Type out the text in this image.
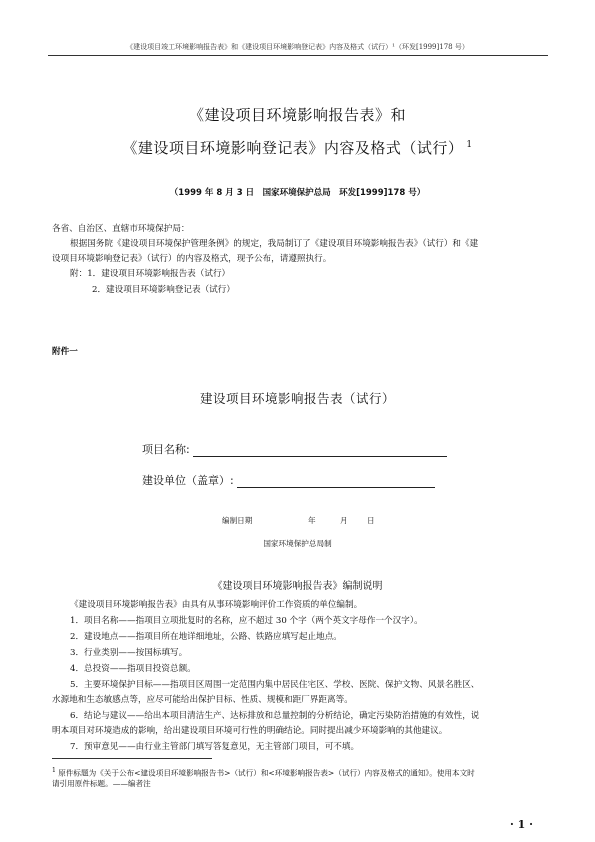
《建设项目竣工环境影响报告表》和《建设项目环境影响登记表》内容及格式（试行）¹（环发[1999]178 号）
《建设项目环境影响报告表》和
《建设项目环境影响登记表》内容及格式（试行） $^1$
（1999 年 8 月 3 日　国家环境保护总局　环发[1999]178 号）
各省、自治区、直辖市环境保护局：
根据国务院《建设项目环境保护管理条例》的规定，我局制订了《建设项目环境影响报告表》（试行）和《建
设项目环境影响登记表》（试行）的内容及格式，现予公布，请遵照执行。
附：1．建设项目环境影响报告表（试行）
2．建设项目环境影响登记表（试行）
附件一
建设项目环境影响报告表（试行）
项目名称:
建设单位（盖章）:
编制日期	年	月	日
国家环境保护总局制
《建设项目环境影响报告表》编制说明
《建设项目环境影响报告表》由具有从事环境影响评价工作资质的单位编制。
1．项目名称——指项目立项批复时的名称，应不超过 30 个字（两个英文字母作一个汉字）。
2．建设地点——指项目所在地详细地址，公路、铁路应填写起止地点。
3．行业类别——按国标填写。
4．总投资——指项目投资总额。
5．主要环境保护目标——指项目区周围一定范围内集中居民住宅区、学校、医院、保护文物、风景名胜区、
水源地和生态敏感点等，应尽可能给出保护目标、性质、规模和距厂界距离等。
6．结论与建议——给出本项目清洁生产、达标排放和总量控制的分析结论，确定污染防治措施的有效性，说
明本项目对环境造成的影响，给出建设项目环境可行性的明确结论。同时提出减少环境影响的其他建议。
7．预审意见——由行业主管部门填写答复意见，无主管部门项目，可不填。
$^1$ 原件标题为《关于公布<建设项目环境影响报告书>（试行）和<环境影响报告表>（试行）内容及格式的通知》。使用本文时
请引用原件标题。——编者注
· 1 ·
